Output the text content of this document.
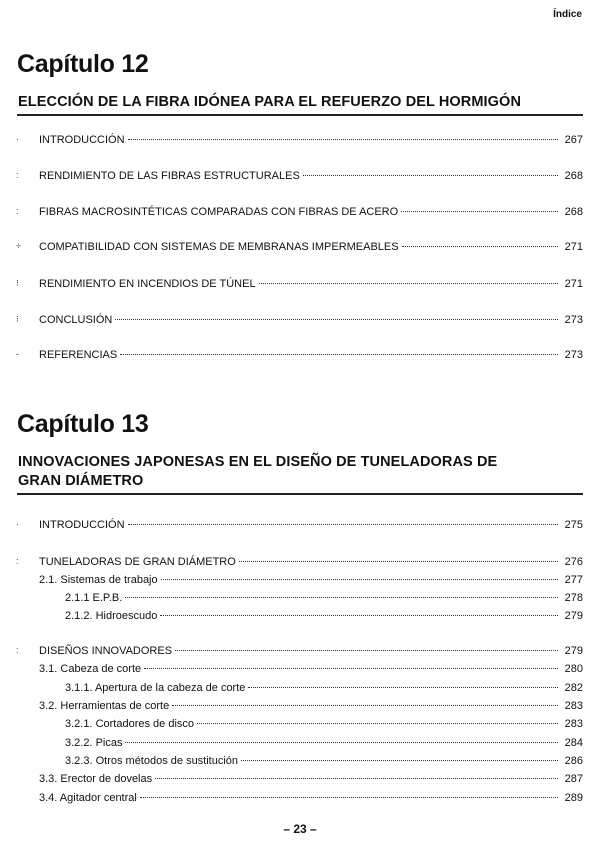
Índice
Capítulo 12
ELECCIÓN DE LA FIBRA IDÓNEA PARA EL REFUERZO DEL HORMIGÓN
·	INTRODUCCIÓN	267
:	RENDIMIENTO DE LAS FIBRAS ESTRUCTURALES	268
:	FIBRAS MACROSINTÉTICAS COMPARADAS CON FIBRAS DE ACERO	268
÷ COMPATIBILIDAD CON SISTEMAS DE MEMBRANAS IMPERMEABLES	271
⁝	RENDIMIENTO EN INCENDIOS DE TÚNEL	271
⁝	CONCLUSIÓN	273
-	REFERENCIAS	273
Capítulo 13
INNOVACIONES JAPONESAS EN EL DISEÑO DE TUNELADORAS DE
GRAN DIÁMETRO
·	INTRODUCCIÓN	275
:	TUNELADORAS DE GRAN DIÁMETRO	276
2.1. Sistemas de trabajo	277
2.1.1 E.P.B.	278
2.1.2. Hidroescudo	279
:	DISEÑOS INNOVADORES	279
3.1. Cabeza de corte	280
3.1.1. Apertura de la cabeza de corte	282
3.2. Herramientas de corte	283
3.2.1. Cortadores de disco	283
3.2.2. Picas	284
3.2.3. Otros métodos de sustitución	286
3.3. Erector de dovelas	287
3.4. Agitador central	289
– 23 –
